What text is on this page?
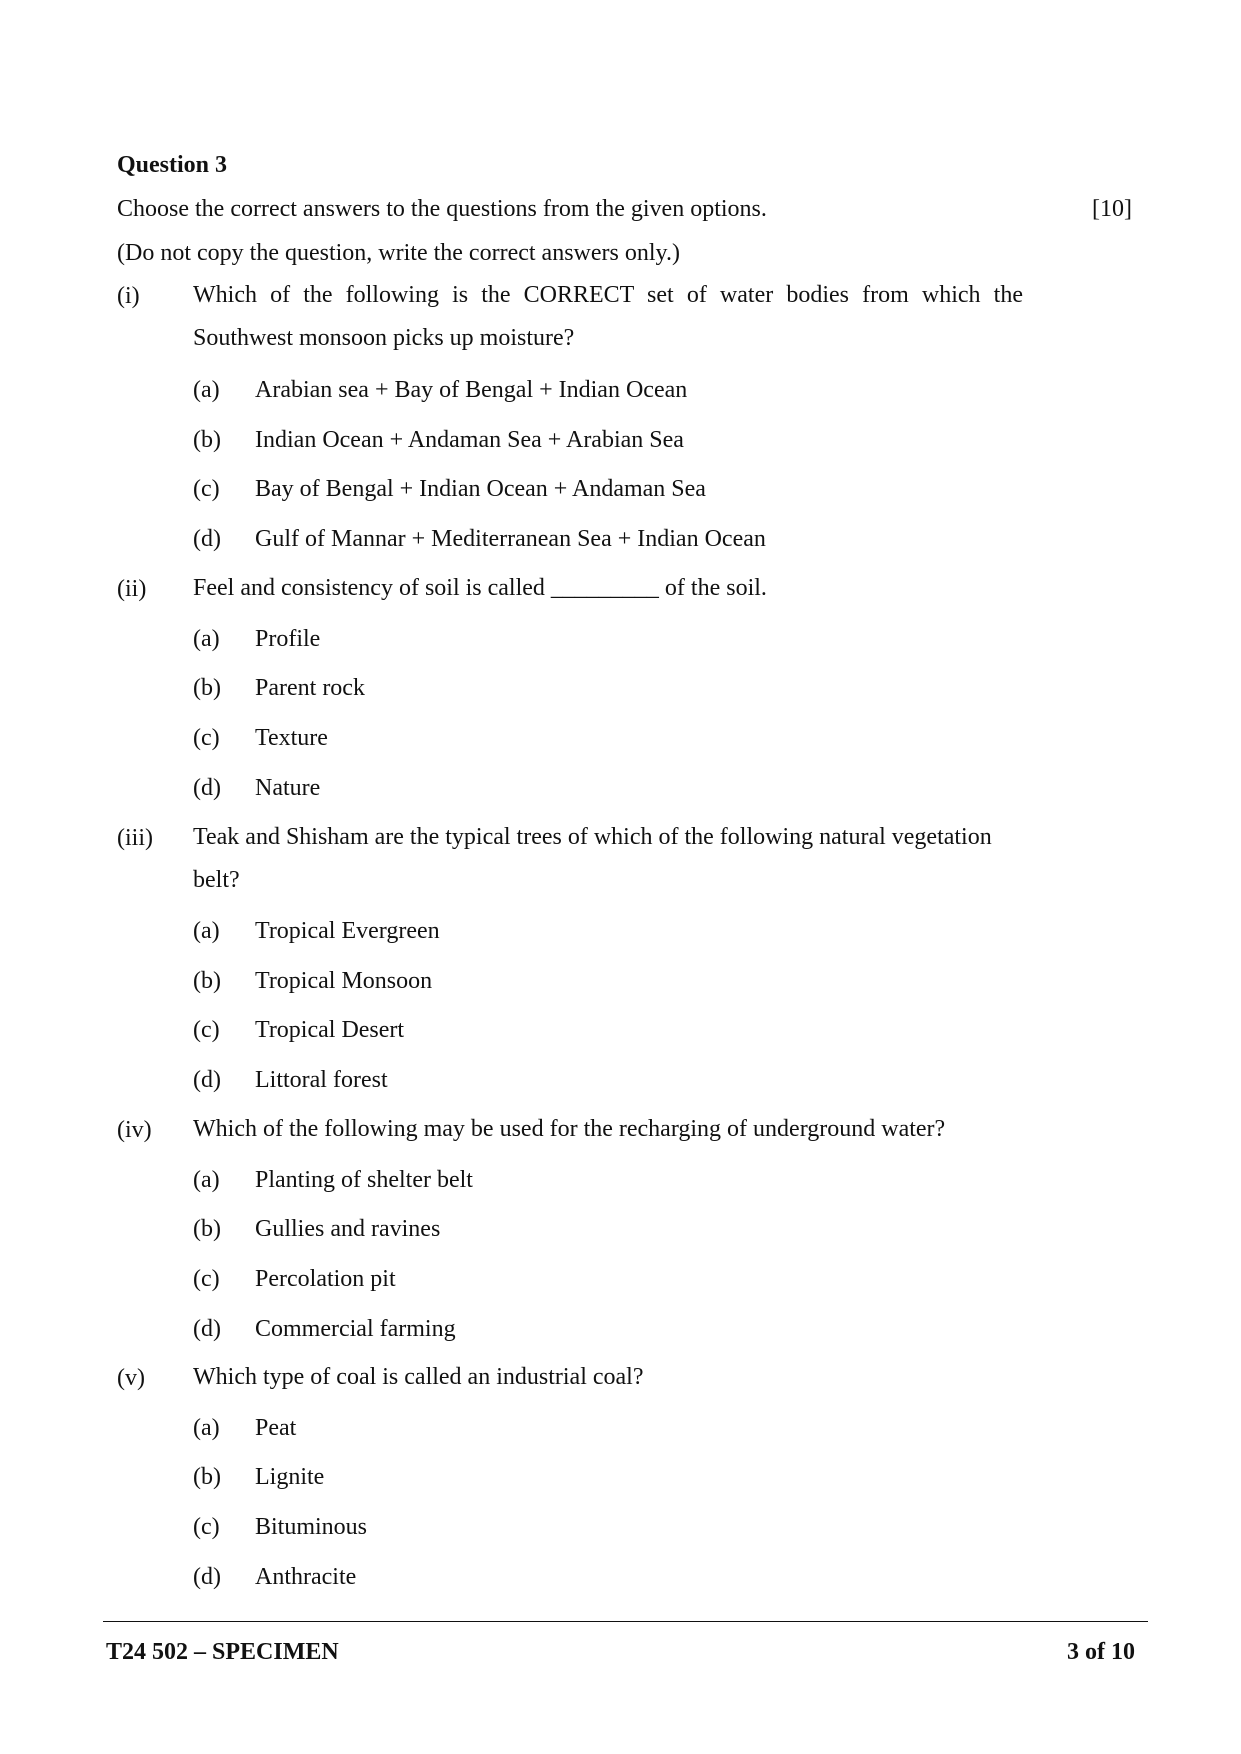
Question 3
Choose the correct answers to the questions from the given options.	[10]
(Do not copy the question, write the correct answers only.)
(i) Which of the following is the CORRECT set of water bodies from which the Southwest monsoon picks up moisture?
(a) Arabian sea + Bay of Bengal + Indian Ocean
(b) Indian Ocean + Andaman Sea + Arabian Sea
(c) Bay of Bengal + Indian Ocean + Andaman Sea
(d) Gulf of Mannar + Mediterranean Sea + Indian Ocean
(ii) Feel and consistency of soil is called _________ of the soil.
(a) Profile
(b) Parent rock
(c) Texture
(d) Nature
(iii) Teak and Shisham are the typical trees of which of the following natural vegetation belt?
(a) Tropical Evergreen
(b) Tropical Monsoon
(c) Tropical Desert
(d) Littoral forest
(iv) Which of the following may be used for the recharging of underground water?
(a) Planting of shelter belt
(b) Gullies and ravines
(c) Percolation pit
(d) Commercial farming
(v) Which type of coal is called an industrial coal?
(a) Peat
(b) Lignite
(c) Bituminous
(d) Anthracite
T24 502 – SPECIMEN	3 of 10
